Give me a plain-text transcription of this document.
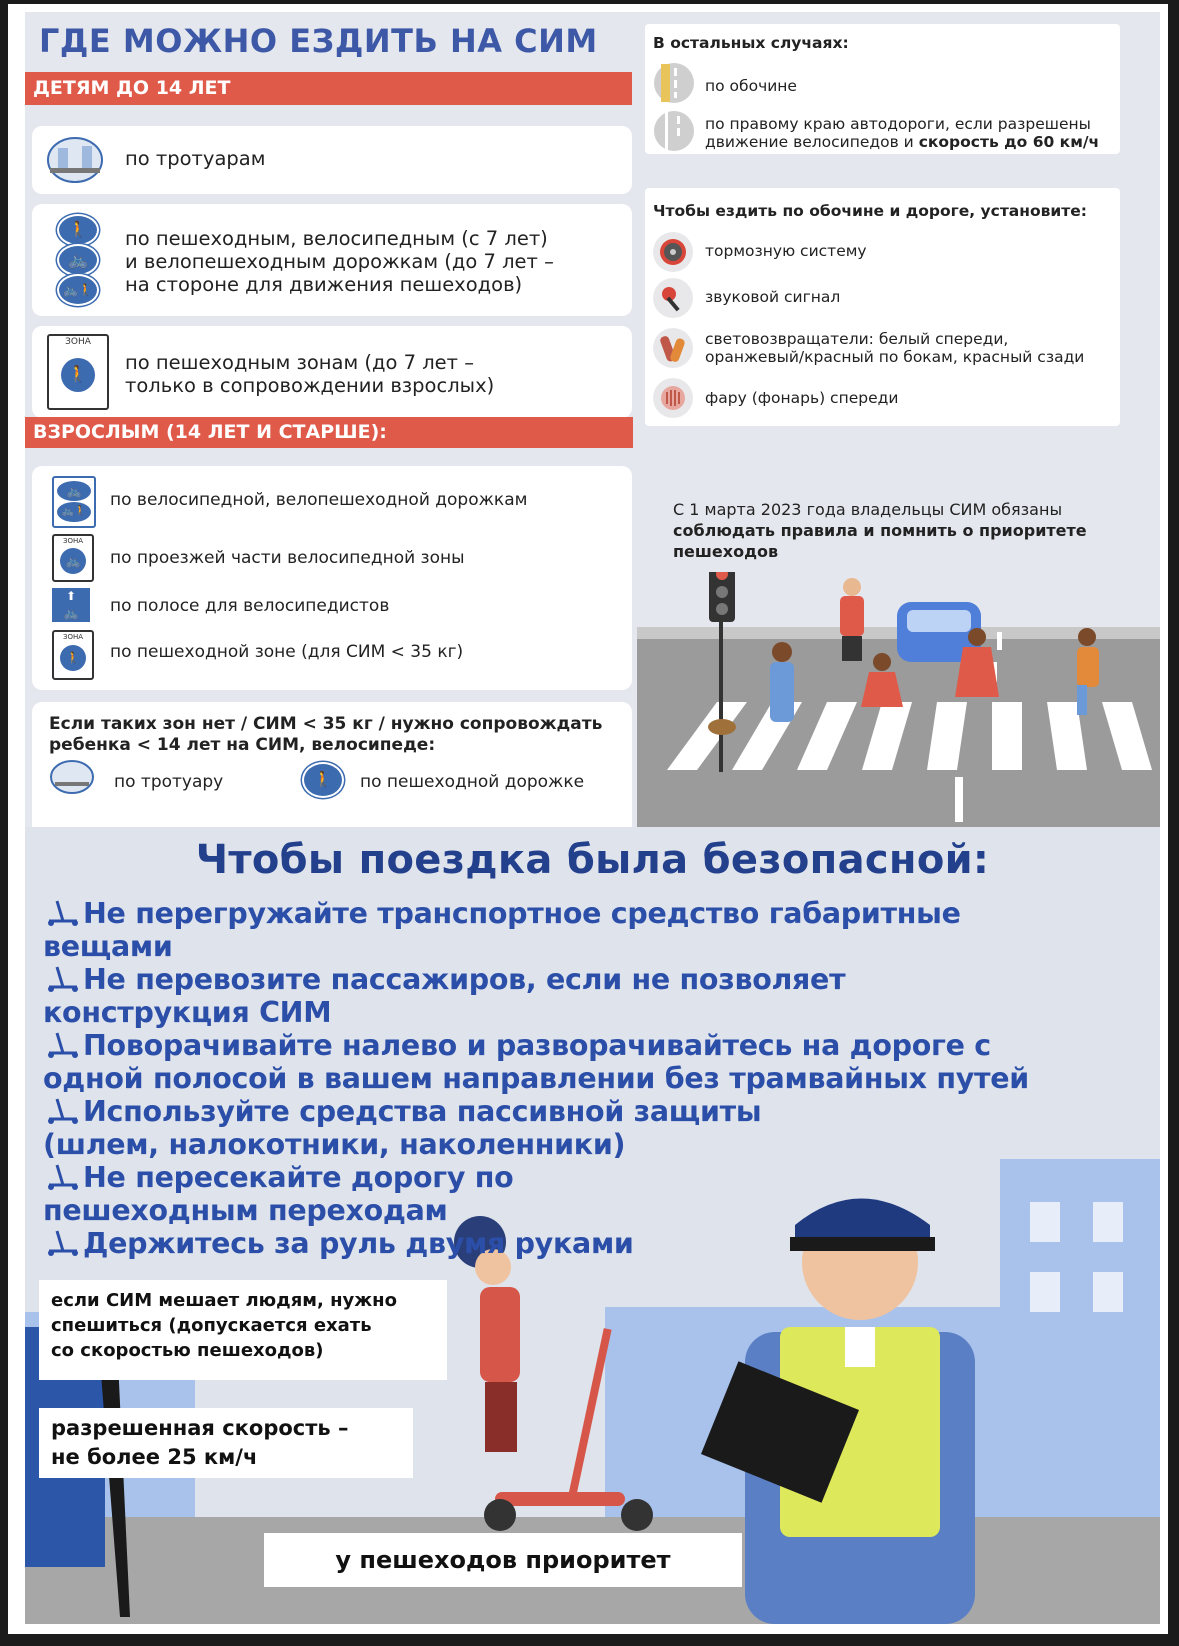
ГДЕ МОЖНО ЕЗДИТЬ НА СИМ
ДЕТЯМ ДО 14 ЛЕТ
по тротуарам
🚶
🚲
🚲🚶
по пешеходным, велосипедным (с 7 лет)
и велопешеходным дорожкам (до 7 лет –
на стороне для движения пешеходов)
ЗОНА
🚶
по пешеходным зонам (до 7 лет –
только в сопровождении взрослых)
ВЗРОСЛЫМ (14 ЛЕТ И СТАРШЕ):
🚲
🚲🚶
по велосипедной, велопешеходной дорожкам
ЗОНА
🚲	по проезжей части велосипедной зоны
⬆
🚲	по полосе для велосипедистов
ЗОНА
🚶	по пешеходной зоне (для СИМ < 35 кг)
Если таких зон нет / СИМ < 35 кг / нужно сопровождать
ребенка < 14 лет на СИМ, велосипеде:
по тротуару	🚶	по пешеходной дорожке
В остальных случаях:
по обочине
по правому краю автодороги, если разрешены
движение велосипедов и скорость до 60 км/ч
Чтобы ездить по обочине и дороге, установите:
тормозную систему
звуковой сигнал
световозвращатели: белый спереди,
оранжевый/красный по бокам, красный сзади
фару (фонарь) спереди
С 1 марта 2023 года владельцы СИМ обязаны
соблюдать правила и помнить о приоритете
пешеходов
Чтобы поездка была безопасной:
Не перегружайте транспортное средство габаритные
вещами
Не перевозите пассажиров, если не позволяет
конструкция СИМ
Поворачивайте налево и разворачивайтесь на дороге с
одной полосой в вашем направлении без трамвайных путей
Используйте средства пассивной защиты
(шлем, налокотники, наколенники)
Не пересекайте дорогу по
пешеходным переходам
Держитесь за руль двумя руками
если СИМ мешает людям, нужно
спешиться (допускается ехать
со скоростью пешеходов)
разрешенная скорость –
не более 25 км/ч
у пешеходов приоритет
